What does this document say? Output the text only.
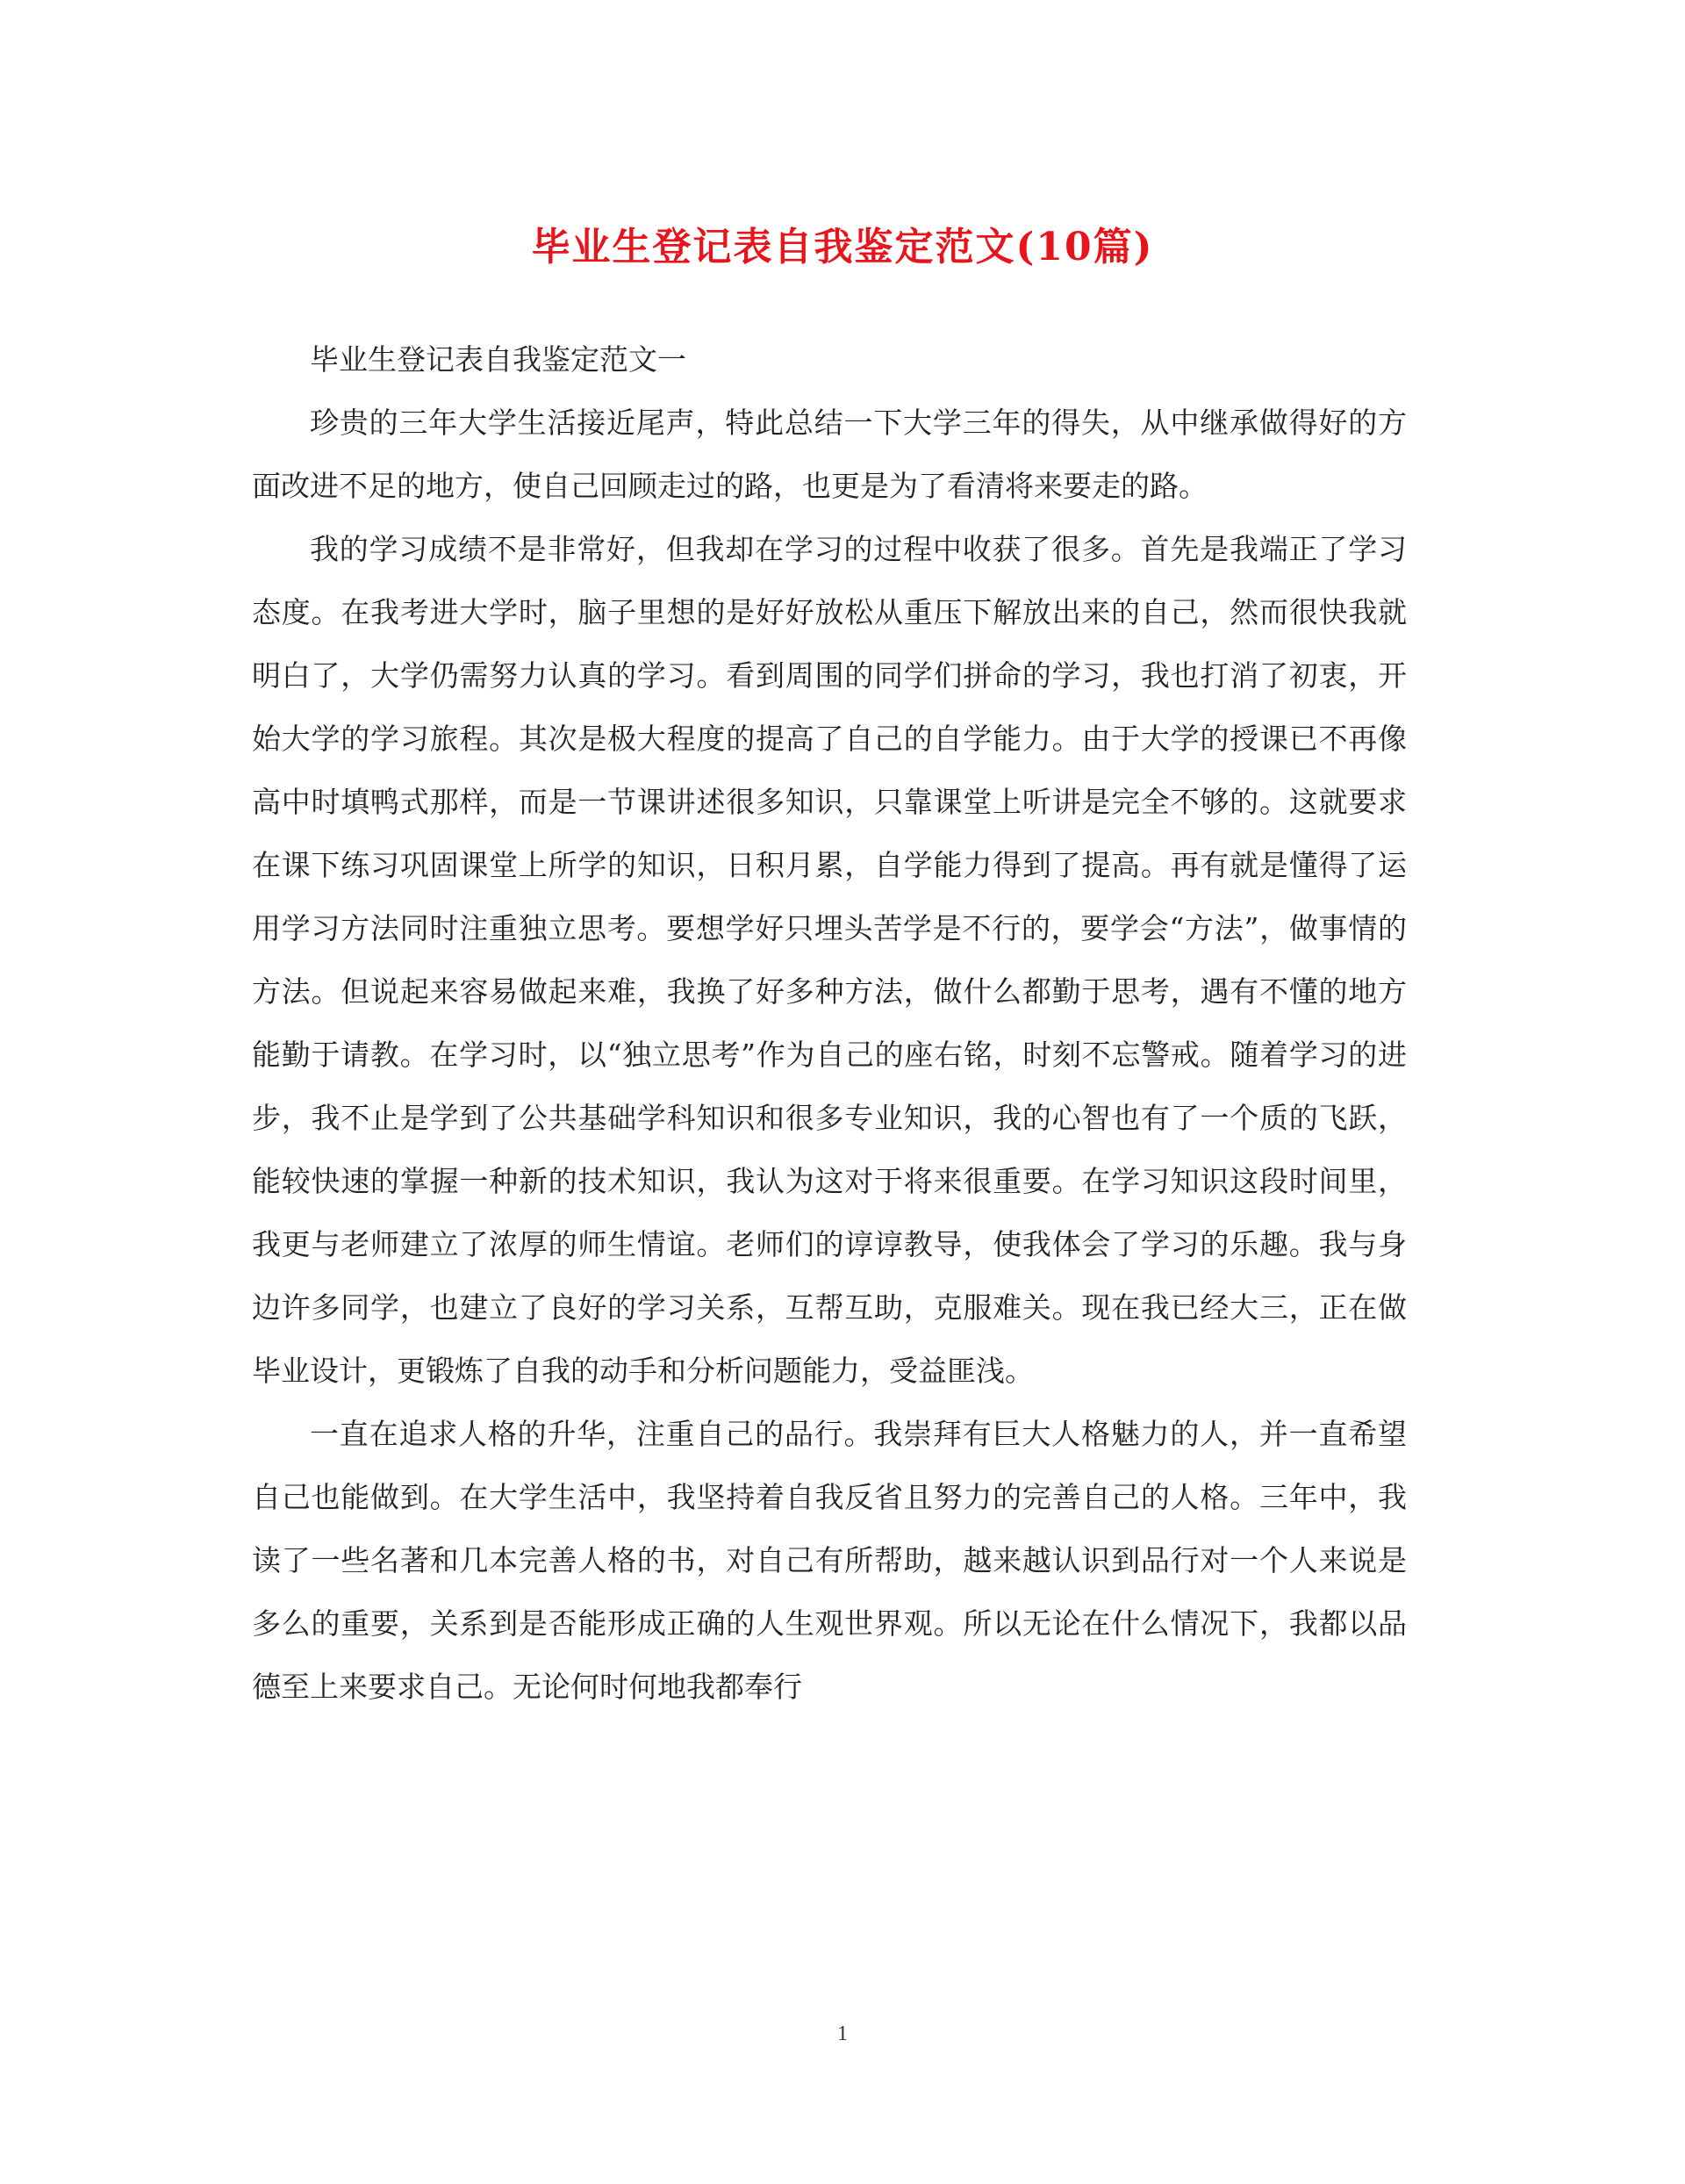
毕业生登记表自我鉴定范文(10篇)

毕业生登记表自我鉴定范文一

珍贵的三年大学生活接近尾声，特此总结一下大学三年的得失，从中继承做得好的方面改进不足的地方，使自己回顾走过的路，也更是为了看清将来要走的路。

我的学习成绩不是非常好，但我却在学习的过程中收获了很多。首先是我端正了学习态度。在我考进大学时，脑子里想的是好好放松从重压下解放出来的自己，然而很快我就明白了，大学仍需努力认真的学习。看到周围的同学们拼命的学习，我也打消了初衷，开始大学的学习旅程。其次是极大程度的提高了自己的自学能力。由于大学的授课已不再像高中时填鸭式那样，而是一节课讲述很多知识，只靠课堂上听讲是完全不够的。这就要求在课下练习巩固课堂上所学的知识，日积月累，自学能力得到了提高。再有就是懂得了运用学习方法同时注重独立思考。要想学好只埋头苦学是不行的，要学会“方法”，做事情的方法。但说起来容易做起来难，我换了好多种方法，做什么都勤于思考，遇有不懂的地方能勤于请教。在学习时，以“独立思考”作为自己的座右铭，时刻不忘警戒。随着学习的进步，我不止是学到了公共基础学科知识和很多专业知识，我的心智也有了一个质的飞跃，能较快速的掌握一种新的技术知识，我认为这对于将来很重要。在学习知识这段时间里，我更与老师建立了浓厚的师生情谊。老师们的谆谆教导，使我体会了学习的乐趣。我与身边许多同学，也建立了良好的学习关系，互帮互助，克服难关。现在我已经大三，正在做毕业设计，更锻炼了自我的动手和分析问题能力，受益匪浅。

一直在追求人格的升华，注重自己的品行。我崇拜有巨大人格魅力的人，并一直希望自己也能做到。在大学生活中，我坚持着自我反省且努力的完善自己的人格。三年中，我读了一些名著和几本完善人格的书，对自己有所帮助，越来越认识到品行对一个人来说是多么的重要，关系到是否能形成正确的人生观世界观。所以无论在什么情况下，我都以品德至上来要求自己。无论何时何地我都奉行

1
